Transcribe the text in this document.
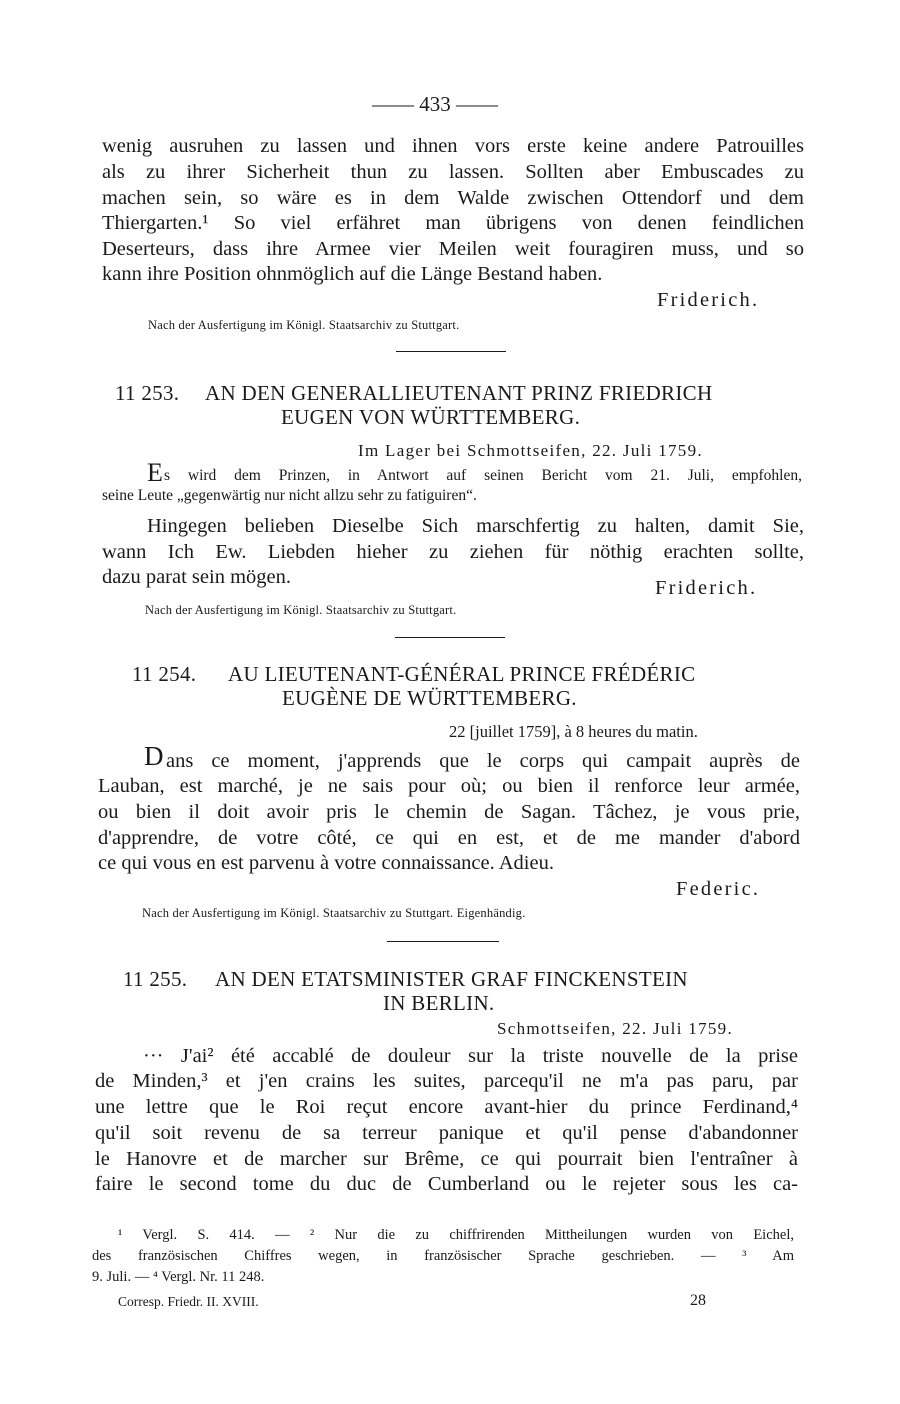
—— 433 ——
wenig ausruhen zu lassen und ihnen vors erste keine andere Patrouilles
als zu ihrer Sicherheit thun zu lassen. Sollten aber Embuscades zu
machen sein, so wäre es in dem Walde zwischen Ottendorf und dem
Thiergarten.¹ So viel erfähret man übrigens von denen feindlichen
Deserteurs, dass ihre Armee vier Meilen weit fouragiren muss, und so
kann ihre Position ohnmöglich auf die Länge Bestand haben.
Friderich.
Nach der Ausfertigung im Königl. Staatsarchiv zu Stuttgart.
11 253. AN DEN GENERALLIEUTENANT PRINZ FRIEDRICH
EUGEN VON WÜRTTEMBERG.
Im Lager bei Schmottseifen, 22. Juli 1759.
E s wird dem Prinzen, in Antwort auf seinen Bericht vom 21. Juli, empfohlen,
seine Leute „gegenwärtig nur nicht allzu sehr zu fatiguiren“.
Hingegen belieben Dieselbe Sich marschfertig zu halten, damit Sie,
wann Ich Ew. Liebden hieher zu ziehen für nöthig erachten sollte,
dazu parat sein mögen.	Friderich.
Nach der Ausfertigung im Königl. Staatsarchiv zu Stuttgart.
11 254. AU LIEUTENANT-GÉNÉRAL PRINCE FRÉDÉRIC
EUGÈNE DE WÜRTTEMBERG.
22 [juillet 1759], à 8 heures du matin.
D ans ce moment, j'apprends que le corps qui campait auprès de
Lauban, est marché, je ne sais pour où; ou bien il renforce leur armée,
ou bien il doit avoir pris le chemin de Sagan. Tâchez, je vous prie,
d'apprendre, de votre côté, ce qui en est, et de me mander d'abord
ce qui vous en est parvenu à votre connaissance. Adieu.
Federic.
Nach der Ausfertigung im Königl. Staatsarchiv zu Stuttgart. Eigenhändig.
11 255. AN DEN ETATSMINISTER GRAF FINCKENSTEIN
IN BERLIN.
Schmottseifen, 22. Juli 1759.
··· J'ai² été accablé de douleur sur la triste nouvelle de la prise
de Minden,³ et j'en crains les suites, parcequ'il ne m'a pas paru, par
une lettre que le Roi reçut encore avant-hier du prince Ferdinand,⁴
qu'il soit revenu de sa terreur panique et qu'il pense d'abandonner
le Hanovre et de marcher sur Brême, ce qui pourrait bien l'entraîner à
faire le second tome du duc de Cumberland ou le rejeter sous les ca-
¹ Vergl. S. 414. — ² Nur die zu chiffrirenden Mittheilungen wurden von Eichel,
des französischen Chiffres wegen, in französischer Sprache geschrieben. — ³ Am
9. Juli. — ⁴ Vergl. Nr. 11 248.
Corresp. Friedr. II. XVIII.	28
